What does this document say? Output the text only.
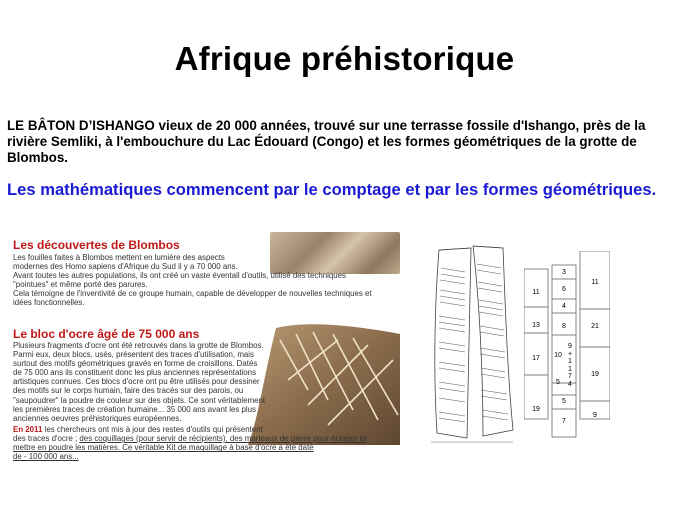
Afrique préhistorique
LE BÂTON D’ISHANGO vieux de 20 000 années, trouvé sur une terrasse fossile d'Ishango, près de la rivière Semliki, à l'embouchure du Lac Édouard (Congo) et les formes géométriques de la grotte de Blombos.
Les mathématiques commencent par le comptage et par les formes géométriques.
Les découvertes de Blombos
Les fouilles faites à Blombos mettent en lumière des aspects
modernes des Homo sapiens d'Afrique du Sud il y a 70 000 ans.
Avant toutes les autres populations, ils ont créé un vaste éventail d'outils, utilisé des techniques
"pointues" et même porté des parures.
Cela témoigne de l'inventivité de ce groupe humain, capable de développer de nouvelles techniques et
idées fonctionnelles.
Le bloc d'ocre âgé de 75 000 ans
Plusieurs fragments d'ocre ont été retrouvés dans la grotte de Blombos.
Parmi eux, deux blocs, usés, présentent des traces d'utilisation, mais
surtout des motifs géométriques gravés en forme de croisillons. Datés
de 75 000 ans ils constituent donc les plus anciennes représentations
artistiques connues. Ces blocs d'ocre ont pu être utilisés pour dessiner
des motifs sur le corps humain, faire des tracés sur des parois, ou
"saupoudrer" la poudre de couleur sur des objets. Ce sont véritablement
les premières traces de création humaine... 35 000 ans avant les plus
anciennes oeuvres préhistoriques européennes.
En 2011 les chercheurs ont mis à jour des restes d'outils qui présentent
des traces d'ocre ; des coquillages (pour servir de récipients), des marteaux de pierre pour écraser et
mettre en poudre les matières. Ce véritable Kit de maquillage à base d'ocre a été daté
de - 100 000 ans...
11
13
17
19
3
6
4
8
10
5
5
7
9
+
1
1
7
4
11
21
19
9
